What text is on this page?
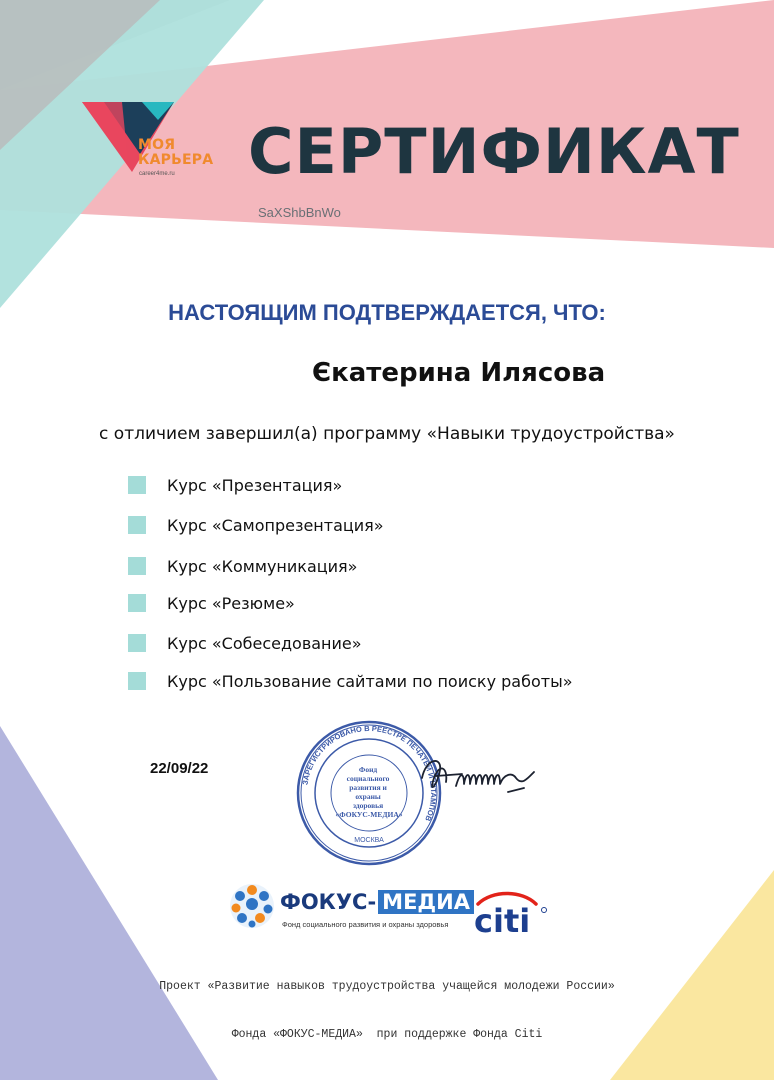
МОЯ
КАРЬЕРА
career4me.ru СЕРТИФИКАТ
SaXShbBnWo
НАСТОЯЩИМ ПОДТВЕРЖДАЕТСЯ, ЧТО:
Єкатерина Илясова
с отличием завершил(а) программу «Навыки трудоустройства»
Курс «Презентация»
Курс «Самопрезентация»
Курс «Коммуникация»
Курс «Резюме»
Курс «Собеседование»
Курс «Пользование сайтами по поиску работы»
22/09/22
ЗАРЕГИСТРИРОВАНО В РЕЕСТРЕ ПЕЧАТЕЙ И ШТАМПОВ
МОСКВА
Фонд социального развития и охраны здоровья «ФОКУС-МЕДИА»
ФОКУС- МЕДИА
Фонд социального развития и охраны здоровья citi

Проект «Развитие навыков трудоустройства учащейся молодежи России»

Фонда «ФОКУС-МЕДИА»  при поддержке Фонда Citi
